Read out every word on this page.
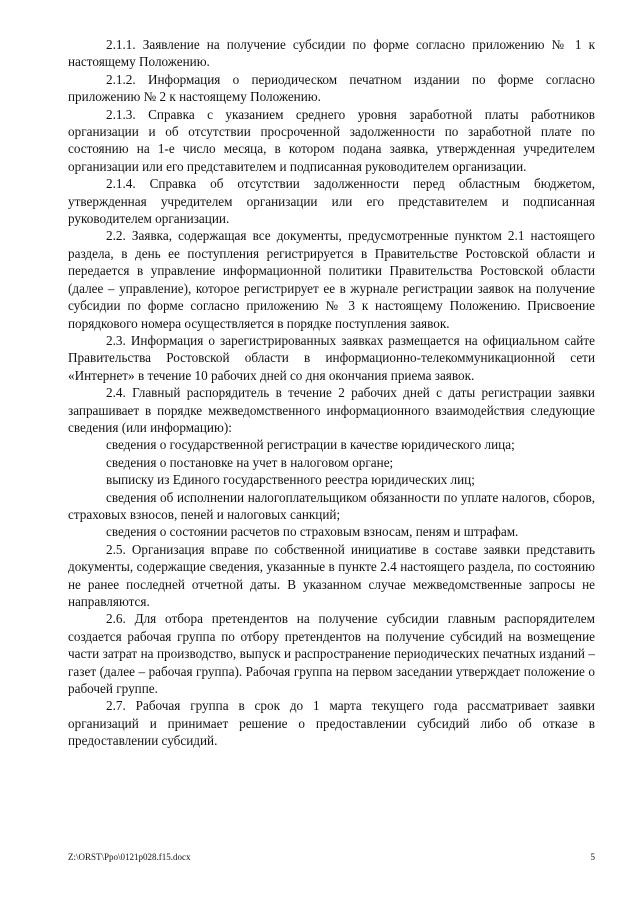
2.1.1. Заявление на получение субсидии по форме согласно приложению № 1 к настоящему Положению.

2.1.2. Информация о периодическом печатном издании по форме согласно приложению № 2 к настоящему Положению.

2.1.3. Справка с указанием среднего уровня заработной платы работников организации и об отсутствии просроченной задолженности по заработной плате по состоянию на 1-е число месяца, в котором подана заявка, утвержденная учредителем организации или его представителем и подписанная руководителем организации.

2.1.4. Справка об отсутствии задолженности перед областным бюджетом, утвержденная учредителем организации или его представителем и подписанная руководителем организации.

2.2. Заявка, содержащая все документы, предусмотренные пунктом 2.1 настоящего раздела, в день ее поступления регистрируется в Правительстве Ростовской области и передается в управление информационной политики Правительства Ростовской области (далее – управление), которое регистрирует ее в журнале регистрации заявок на получение субсидии по форме согласно приложению № 3 к настоящему Положению. Присвоение порядкового номера осуществляется в порядке поступления заявок.

2.3. Информация о зарегистрированных заявках размещается на официальном сайте Правительства Ростовской области в информационно-телекоммуникационной сети «Интернет» в течение 10 рабочих дней со дня окончания приема заявок.

2.4. Главный распорядитель в течение 2 рабочих дней с даты регистрации заявки запрашивает в порядке межведомственного информационного взаимодействия следующие сведения (или информацию):

сведения о государственной регистрации в качестве юридического лица;

сведения о постановке на учет в налоговом органе;

выписку из Единого государственного реестра юридических лиц;

сведения об исполнении налогоплательщиком обязанности по уплате налогов, сборов, страховых взносов, пеней и налоговых санкций;

сведения о состоянии расчетов по страховым взносам, пеням и штрафам.

2.5. Организация вправе по собственной инициативе в составе заявки представить документы, содержащие сведения, указанные в пункте 2.4 настоящего раздела, по состоянию не ранее последней отчетной даты. В указанном случае межведомственные запросы не направляются.

2.6. Для отбора претендентов на получение субсидии главным распорядителем создается рабочая группа по отбору претендентов на получение субсидий на возмещение части затрат на производство, выпуск и распространение периодических печатных изданий – газет (далее – рабочая группа). Рабочая группа на первом заседании утверждает положение о рабочей группе.

2.7. Рабочая группа в срок до 1 марта текущего года рассматривает заявки организаций и принимает решение о предоставлении субсидий либо об отказе в предоставлении субсидий.

Z:\ORST\Ppo\0121p028.f15.docx	5
